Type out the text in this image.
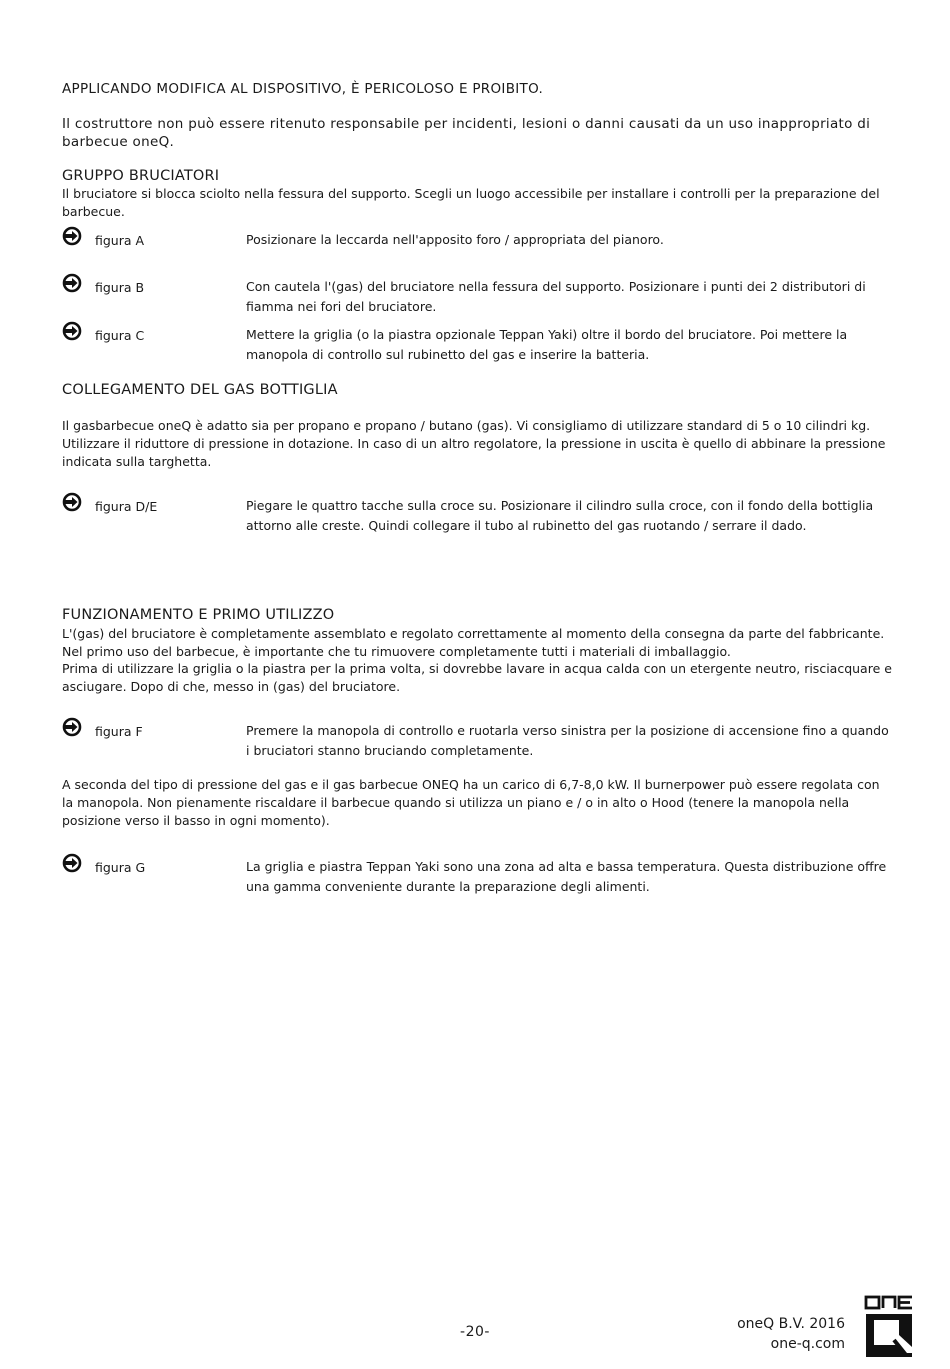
APPLICANDO MODIFICA AL DISPOSITIVO, È PERICOLOSO E PROIBITO.
Il costruttore non può essere ritenuto responsabile per incidenti, lesioni o danni causati da un uso inappropriato di barbecue oneQ.
GRUPPO BRUCIATORI
Il bruciatore si blocca sciolto nella fessura del supporto. Scegli un luogo accessibile per installare i controlli per la preparazione del barbecue.
figura A	Posizionare la leccarda nell'apposito foro / appropriata del pianoro.
figura B	Con cautela l'(gas) del bruciatore nella fessura del supporto. Posizionare i punti dei 2 distributori di fiamma nei fori del bruciatore.
figura C	Mettere la griglia (o la piastra opzionale Teppan Yaki) oltre il bordo del bruciatore. Poi mettere la manopola di controllo sul rubinetto del gas e inserire la batteria.
COLLEGAMENTO DEL GAS BOTTIGLIA
Il gasbarbecue oneQ è adatto sia per propano e propano / butano (gas). Vi consigliamo di utilizzare standard di 5 o 10 cilindri kg. Utilizzare il riduttore di pressione in dotazione. In caso di un altro regolatore, la pressione in uscita è quello di abbinare la pressione indicata sulla targhetta.
figura D/E	Piegare le quattro tacche sulla croce su. Posizionare il cilindro sulla croce, con il fondo della bottiglia attorno alle creste. Quindi collegare il tubo al rubinetto del gas ruotando / serrare il dado.
FUNZIONAMENTO E PRIMO UTILIZZO
L'(gas) del bruciatore è completamente assemblato e regolato correttamente al momento della consegna da parte del fabbricante. Nel primo uso del barbecue, è importante che tu rimuovere completamente tutti i materiali di imballaggio.
Prima di utilizzare la griglia o la piastra per la prima volta, si dovrebbe lavare in acqua calda con un etergente neutro, risciacquare e asciugare. Dopo di che, messo in (gas) del bruciatore.
figura F	Premere la manopola di controllo e ruotarla verso sinistra per la posizione di accensione fino a quando i bruciatori stanno bruciando completamente.
A seconda del tipo di pressione del gas e il gas barbecue ONEQ ha un carico di 6,7-8,0 kW. Il burnerpower può essere regolata con la manopola. Non pienamente riscaldare il barbecue quando si utilizza un piano e / o in alto o Hood (tenere la manopola nella posizione verso il basso in ogni momento).
figura G	La griglia e piastra Teppan Yaki sono una zona ad alta e bassa temperatura. Questa distribuzione offre una gamma conveniente durante la preparazione degli alimenti.
-20-	oneQ B.V. 2016
one-q.com
